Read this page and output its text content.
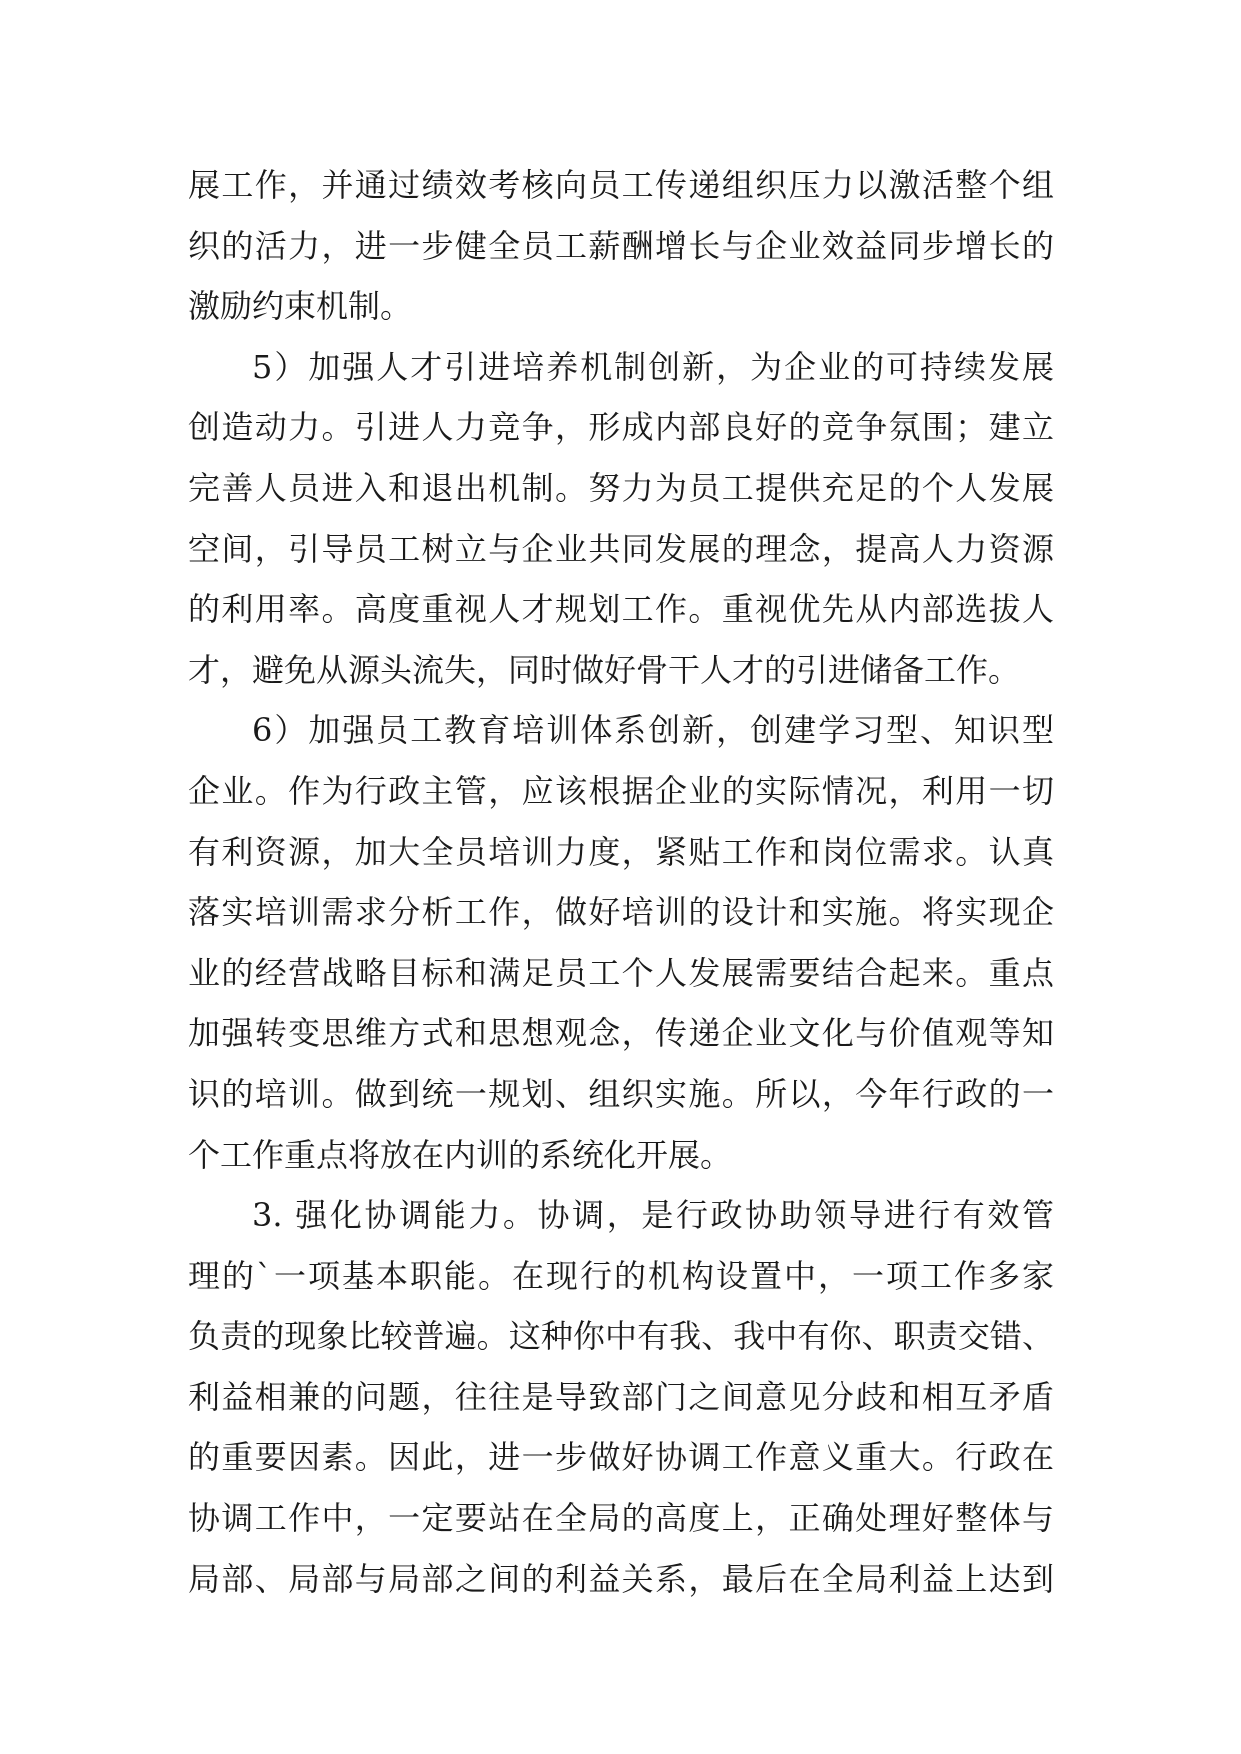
展工作，并通过绩效考核向员工传递组织压力以激活整个组
织的活力，进一步健全员工薪酬增长与企业效益同步增长的
激励约束机制。
5）加强人才引进培养机制创新，为企业的可持续发展
创造动力。引进人力竞争，形成内部良好的竞争氛围；建立
完善人员进入和退出机制。努力为员工提供充足的个人发展
空间，引导员工树立与企业共同发展的理念，提高人力资源
的利用率。高度重视人才规划工作。重视优先从内部选拔人
才，避免从源头流失，同时做好骨干人才的引进储备工作。
6）加强员工教育培训体系创新，创建学习型、知识型
企业。作为行政主管，应该根据企业的实际情况，利用一切
有利资源，加大全员培训力度，紧贴工作和岗位需求。认真
落实培训需求分析工作，做好培训的设计和实施。将实现企
业的经营战略目标和满足员工个人发展需要结合起来。重点
加强转变思维方式和思想观念，传递企业文化与价值观等知
识的培训。做到统一规划、组织实施。所以，今年行政的一
个工作重点将放在内训的系统化开展。
3. 强化协调能力。协调，是行政协助领导进行有效管
理的`一项基本职能。在现行的机构设置中，一项工作多家
负责的现象比较普遍。这种你中有我、我中有你、职责交错、
利益相兼的问题，往往是导致部门之间意见分歧和相互矛盾
的重要因素。因此，进一步做好协调工作意义重大。行政在
协调工作中，一定要站在全局的高度上，正确处理好整体与
局部、局部与局部之间的利益关系，最后在全局利益上达到
